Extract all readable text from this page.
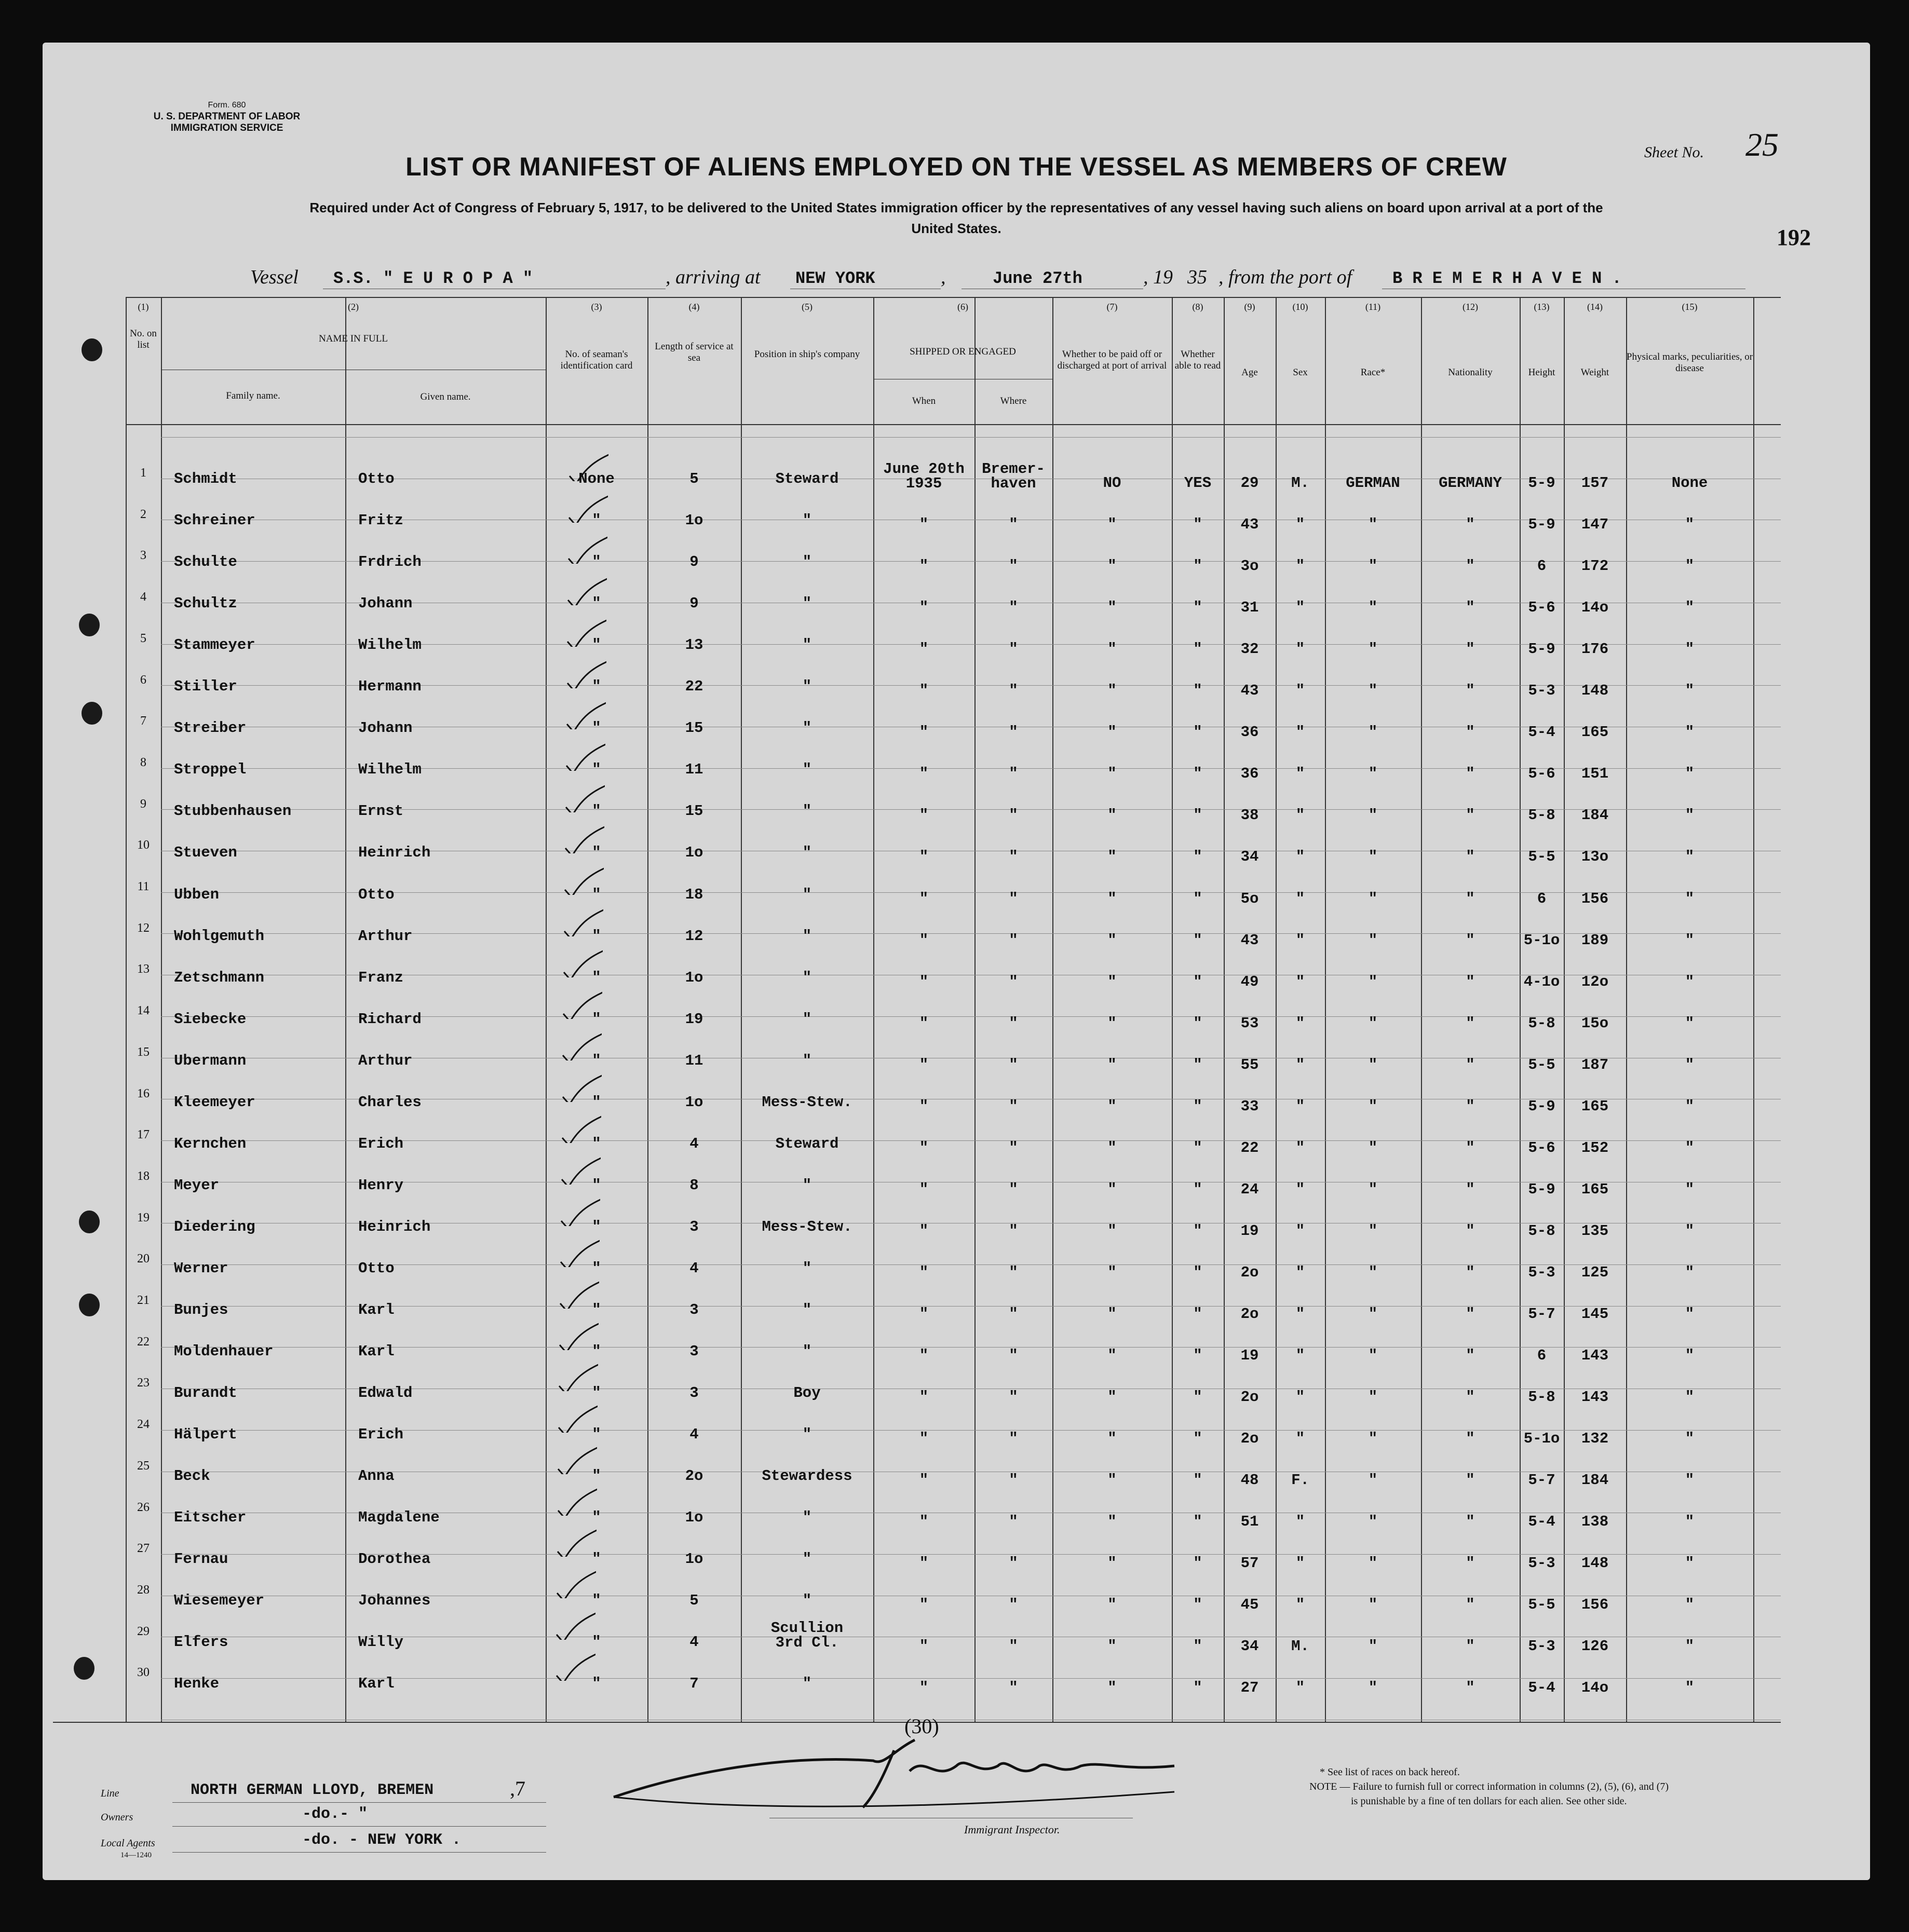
Form. 680
U. S. DEPARTMENT OF LABOR
IMMIGRATION SERVICE
LIST OR MANIFEST OF ALIENS EMPLOYED ON THE VESSEL AS MEMBERS OF CREW
Required under Act of Congress of February 5, 1917, to be delivered to the United States immigration officer by the representatives of any vessel having such aliens on board upon arrival at a port of the United States.
Sheet No. 25
192
Vessel S.S. " E U R O P A "	, arriving at NEW YORK	,	June 27th	, 19 35 , from the port of B R E M E R H A V E N .
(1)	(2)	(3)	(4)	(5)	(6)	(7)	(8)	(9)	(10)	(11)	(12)	(13)	(14)	(15)
No. on list
NAME IN FULL
Family name.	Given name.
No. of seaman's identification card
Length of service at sea	Position in ship's company	SHIPPED OR ENGAGED
When	Where
Whether to be paid off or discharged at port of arrival
Whether able to read
Age	Sex	Race*	Nationality	Height	Weight
Physical marks, peculiarities, or disease
1	Schmidt	Otto	None	5	Steward
June 20th
1935
Bremer-
haven	NO	YES	29	M.	GERMAN	GERMANY	5-9	157	None
2	Schreiner	Fritz	"	1o	"	"	"	"	"	43	"	"	"	5-9	147	"
3	Schulte	Frdrich	"	9	"	"	"	"	"	3o	"	"	"	6	172	"
4	Schultz	Johann	"	9	"	"	"	"	"	31	"	"	"	5-6	14o	"
5	Stammeyer	Wilhelm	"	13	"	"	"	"	"	32	"	"	"	5-9	176	"
6	Stiller	Hermann	"	22	"	"	"	"	"	43	"	"	"	5-3	148	"
7	Streiber	Johann	"	15	"	"	"	"	"	36	"	"	"	5-4	165	"
8	Stroppel	Wilhelm	"	11	"	"	"	"	"	36	"	"	"	5-6	151	"
9	Stubbenhausen	Ernst	"	15	"	"	"	"	"	38	"	"	"	5-8	184	"
10	Stueven	Heinrich	"	1o	"	"	"	"	"	34	"	"	"	5-5	13o	"
11	Ubben	Otto	"	18	"	"	"	"	"	5o	"	"	"	6	156	"
12	Wohlgemuth	Arthur	"	12	"	"	"	"	"	43	"	"	"	5-1o	189	"
13	Zetschmann	Franz	"	1o	"	"	"	"	"	49	"	"	"	4-1o	12o	"
14	Siebecke	Richard	"	19	"	"	"	"	"	53	"	"	"	5-8	15o	"
15	Ubermann	Arthur	"	11	"	"	"	"	"	55	"	"	"	5-5	187	"
16
Kleemeyer	Charles	"	1o	Mess-Stew.	"	"	"	"	33	"	"	"	5-9	165	"
17
Kernchen	Erich	"	4	Steward	"	"	"	"	22	"	"	"	5-6	152	"
18
Meyer	Henry	"	8	"	"	"	"	"	24	"	"	"	5-9	165	"
19
Diedering	Heinrich	"	3	Mess-Stew.	"	"	"	"	19	"	"	"	5-8	135	"
20
Werner	Otto	"	4	"	"	"	"	"	2o	"	"	"	5-3	125	"
21
Bunjes	Karl	"	3	"	"	"	"	"	2o	"	"	"	5-7	145	"
22
Moldenhauer	Karl	"	3	"	"	"	"	"	19	"	"	"	6	143	"
23
Burandt	Edwald	"	3	Boy	"	"	"	"	2o	"	"	"	5-8	143	"
24
Hälpert	Erich	"	4	"	"	"	"	"	2o	"	"	"	5-1o	132	"
25
Beck	Anna	"	2o	Stewardess	"	"	"	"	48	F.	"	"	5-7	184	"
26
Eitscher	Magdalene	"	1o	"	"	"	"	"	51	"	"	"	5-4	138	"
27
Fernau	Dorothea	"	1o	"	"	"	"	"	57	"	"	"	5-3	148	"
28
Wiesemeyer	Johannes	"	5	"	"	"	"	"	45	"	"	"	5-5	156	"
29
Elfers	Willy	"	4
Scullion
3rd Cl.	"	"	"	"	34	M.	"	"	5-3	126	"
30
Henke	Karl	"	7	"	"	"	"	"	27	"	"	"	5-4	14o	"
(30)
Line	NORTH GERMAN LLOYD, BREMEN	,7
Owners	-do.- "
Local Agents	-do. - NEW YORK .
14—1240
Immigrant Inspector.
* See list of races on back hereof.
NOTE — Failure to furnish full or correct information in columns (2), (5), (6), and (7)
is punishable by a fine of ten dollars for each alien. See other side.
